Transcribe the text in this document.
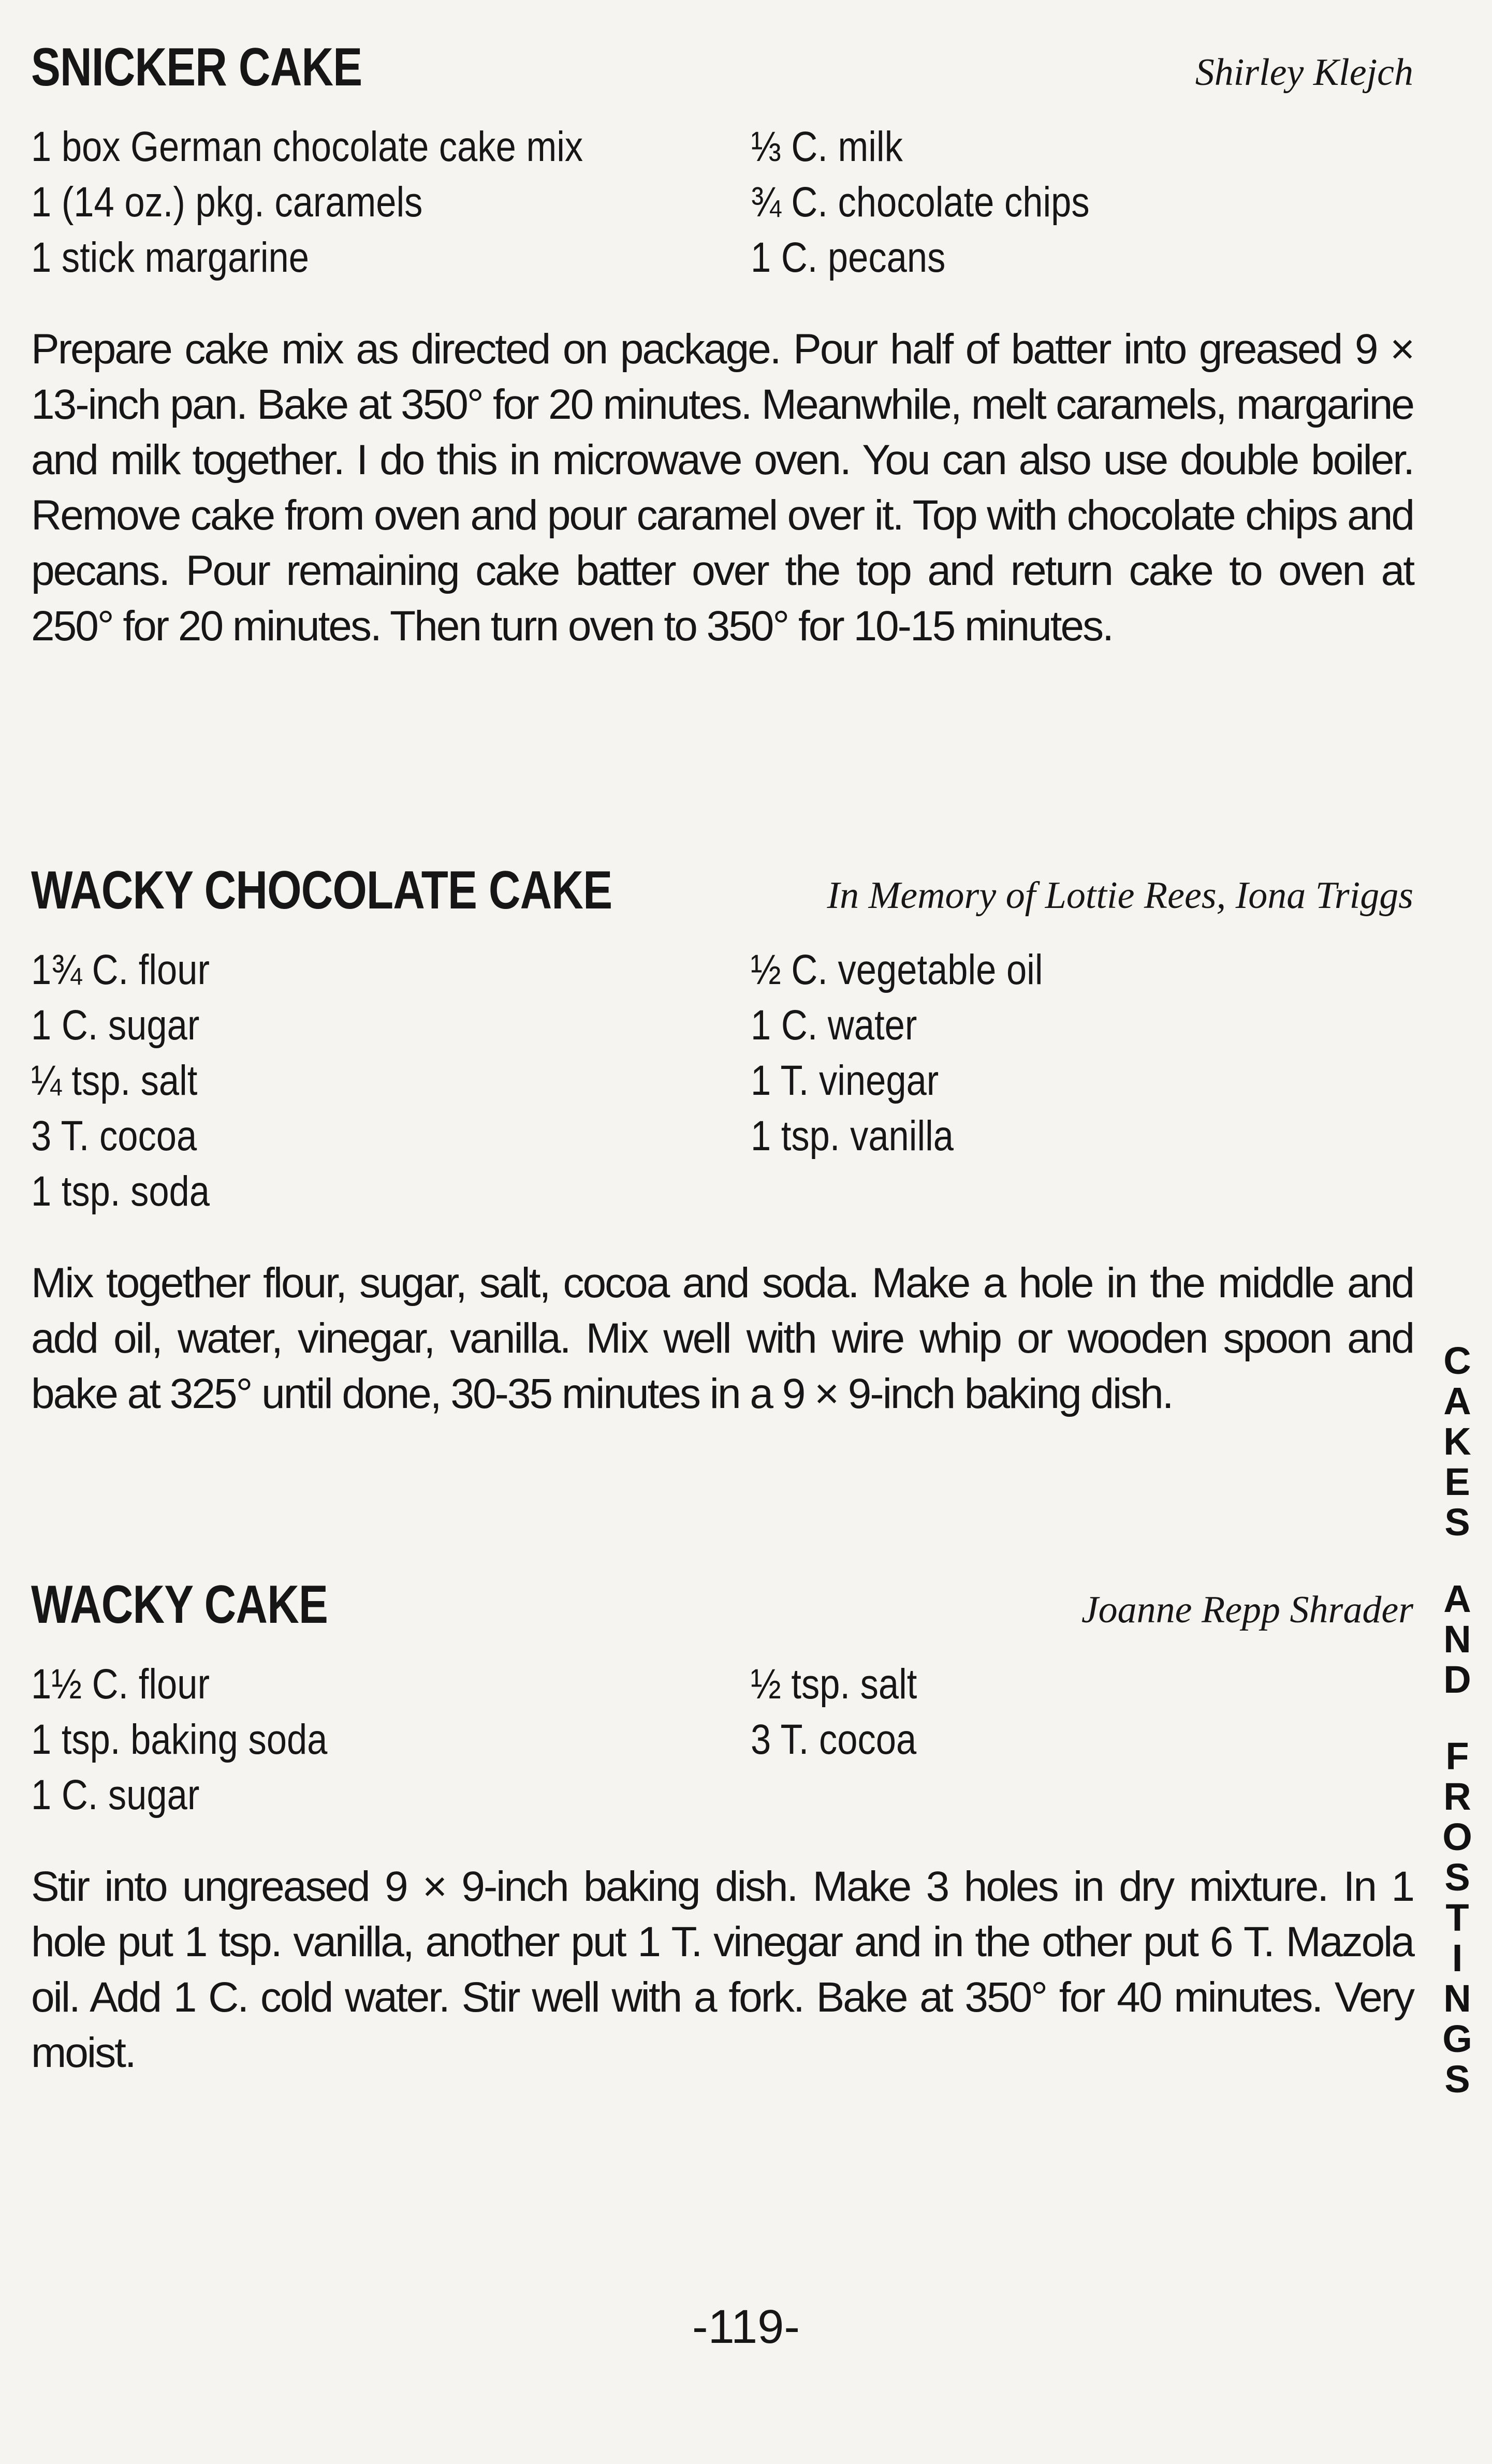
SNICKER CAKE	Shirley Klejch
1 box German chocolate cake mix
1 (14 oz.) pkg. caramels
1 stick margarine
⅓ C. milk
¾ C. chocolate chips
1 C. pecans
Prepare cake mix as directed on package. Pour half of batter into greased 9 × 13-inch pan. Bake at 350° for 20 minutes. Meanwhile, melt caramels, margarine and milk together. I do this in microwave oven. You can also use double boiler. Remove cake from oven and pour caramel over it. Top with chocolate chips and pecans. Pour remaining cake batter over the top and return cake to oven at 250° for 20 minutes. Then turn oven to 350° for 10-15 minutes.
WACKY CHOCOLATE CAKE	In Memory of Lottie Rees, Iona Triggs
1¾ C. flour
1 C. sugar
¼ tsp. salt
3 T. cocoa
1 tsp. soda
½ C. vegetable oil
1 C. water
1 T. vinegar
1 tsp. vanilla
Mix together flour, sugar, salt, cocoa and soda. Make a hole in the middle and add oil, water, vinegar, vanilla. Mix well with wire whip or wooden spoon and bake at 325° until done, 30-35 minutes in a 9 × 9-inch baking dish.
WACKY CAKE	Joanne Repp Shrader
1½ C. flour
1 tsp. baking soda
1 C. sugar
½ tsp. salt
3 T. cocoa
Stir into ungreased 9 × 9-inch baking dish. Make 3 holes in dry mixture. In 1 hole put 1 tsp. vanilla, another put 1 T. vinegar and in the other put 6 T. Mazola oil. Add 1 C. cold water. Stir well with a fork. Bake at 350° for 40 minutes. Very moist.
C
A
K
E
S
A
N
D
F
R
O
S
T
I
N
G
S
-119-
